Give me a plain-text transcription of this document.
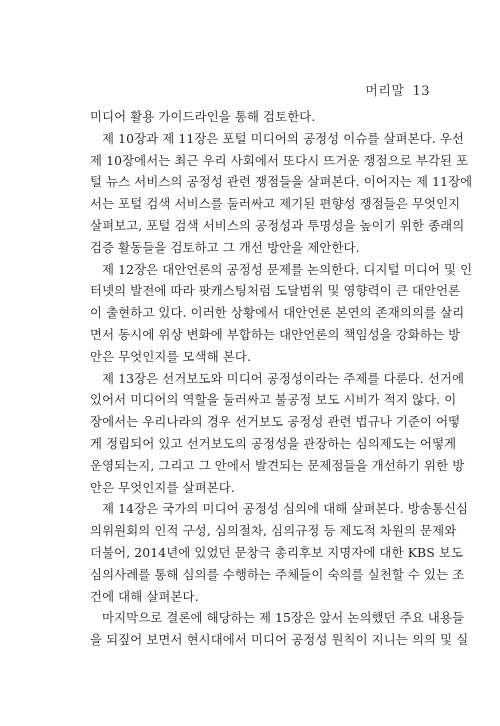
머리말 13
미디어 활용 가이드라인을 통해 검토한다.
제 10장과 제 11장은 포털 미디어의 공정성 이슈를 살펴본다. 우선
제 10장에서는 최근 우리 사회에서 또다시 뜨거운 쟁점으로 부각된 포
털 뉴스 서비스의 공정성 관련 쟁점들을 살펴본다. 이어지는 제 11장에
서는 포털 검색 서비스를 둘러싸고 제기된 편향성 쟁점들은 무엇인지
살펴보고, 포털 검색 서비스의 공정성과 투명성을 높이기 위한 종래의
검증 활동들을 검토하고 그 개선 방안을 제안한다.
제 12장은 대안언론의 공정성 문제를 논의한다. 디지털 미디어 및 인
터넷의 발전에 따라 팟캐스팅처럼 도달범위 및 영향력이 큰 대안언론
이 출현하고 있다. 이러한 상황에서 대안언론 본연의 존재의의를 살리
면서 동시에 위상 변화에 부합하는 대안언론의 책임성을 강화하는 방
안은 무엇인지를 모색해 본다.
제 13장은 선거보도와 미디어 공정성이라는 주제를 다룬다. 선거에
있어서 미디어의 역할을 둘러싸고 불공정 보도 시비가 적지 않다. 이
장에서는 우리나라의 경우 선거보도 공정성 관련 법규나 기준이 어떻
게 정립되어 있고 선거보도의 공정성을 관장하는 심의제도는 어떻게
운영되는지, 그리고 그 안에서 발견되는 문제점들을 개선하기 위한 방
안은 무엇인지를 살펴본다.
제 14장은 국가의 미디어 공정성 심의에 대해 살펴본다. 방송통신심
의위원회의 인적 구성, 심의절차, 심의규정 등 제도적 차원의 문제와
더불어, 2014년에 있었던 문창극 총리후보 지명자에 대한 KBS 보도
심의사례를 통해 심의를 수행하는 주체들이 숙의를 실천할 수 있는 조
건에 대해 살펴본다.
마지막으로 결론에 해당하는 제 15장은 앞서 논의했던 주요 내용들
을 되짚어 보면서 현시대에서 미디어 공정성 원칙이 지니는 의의 및 실
